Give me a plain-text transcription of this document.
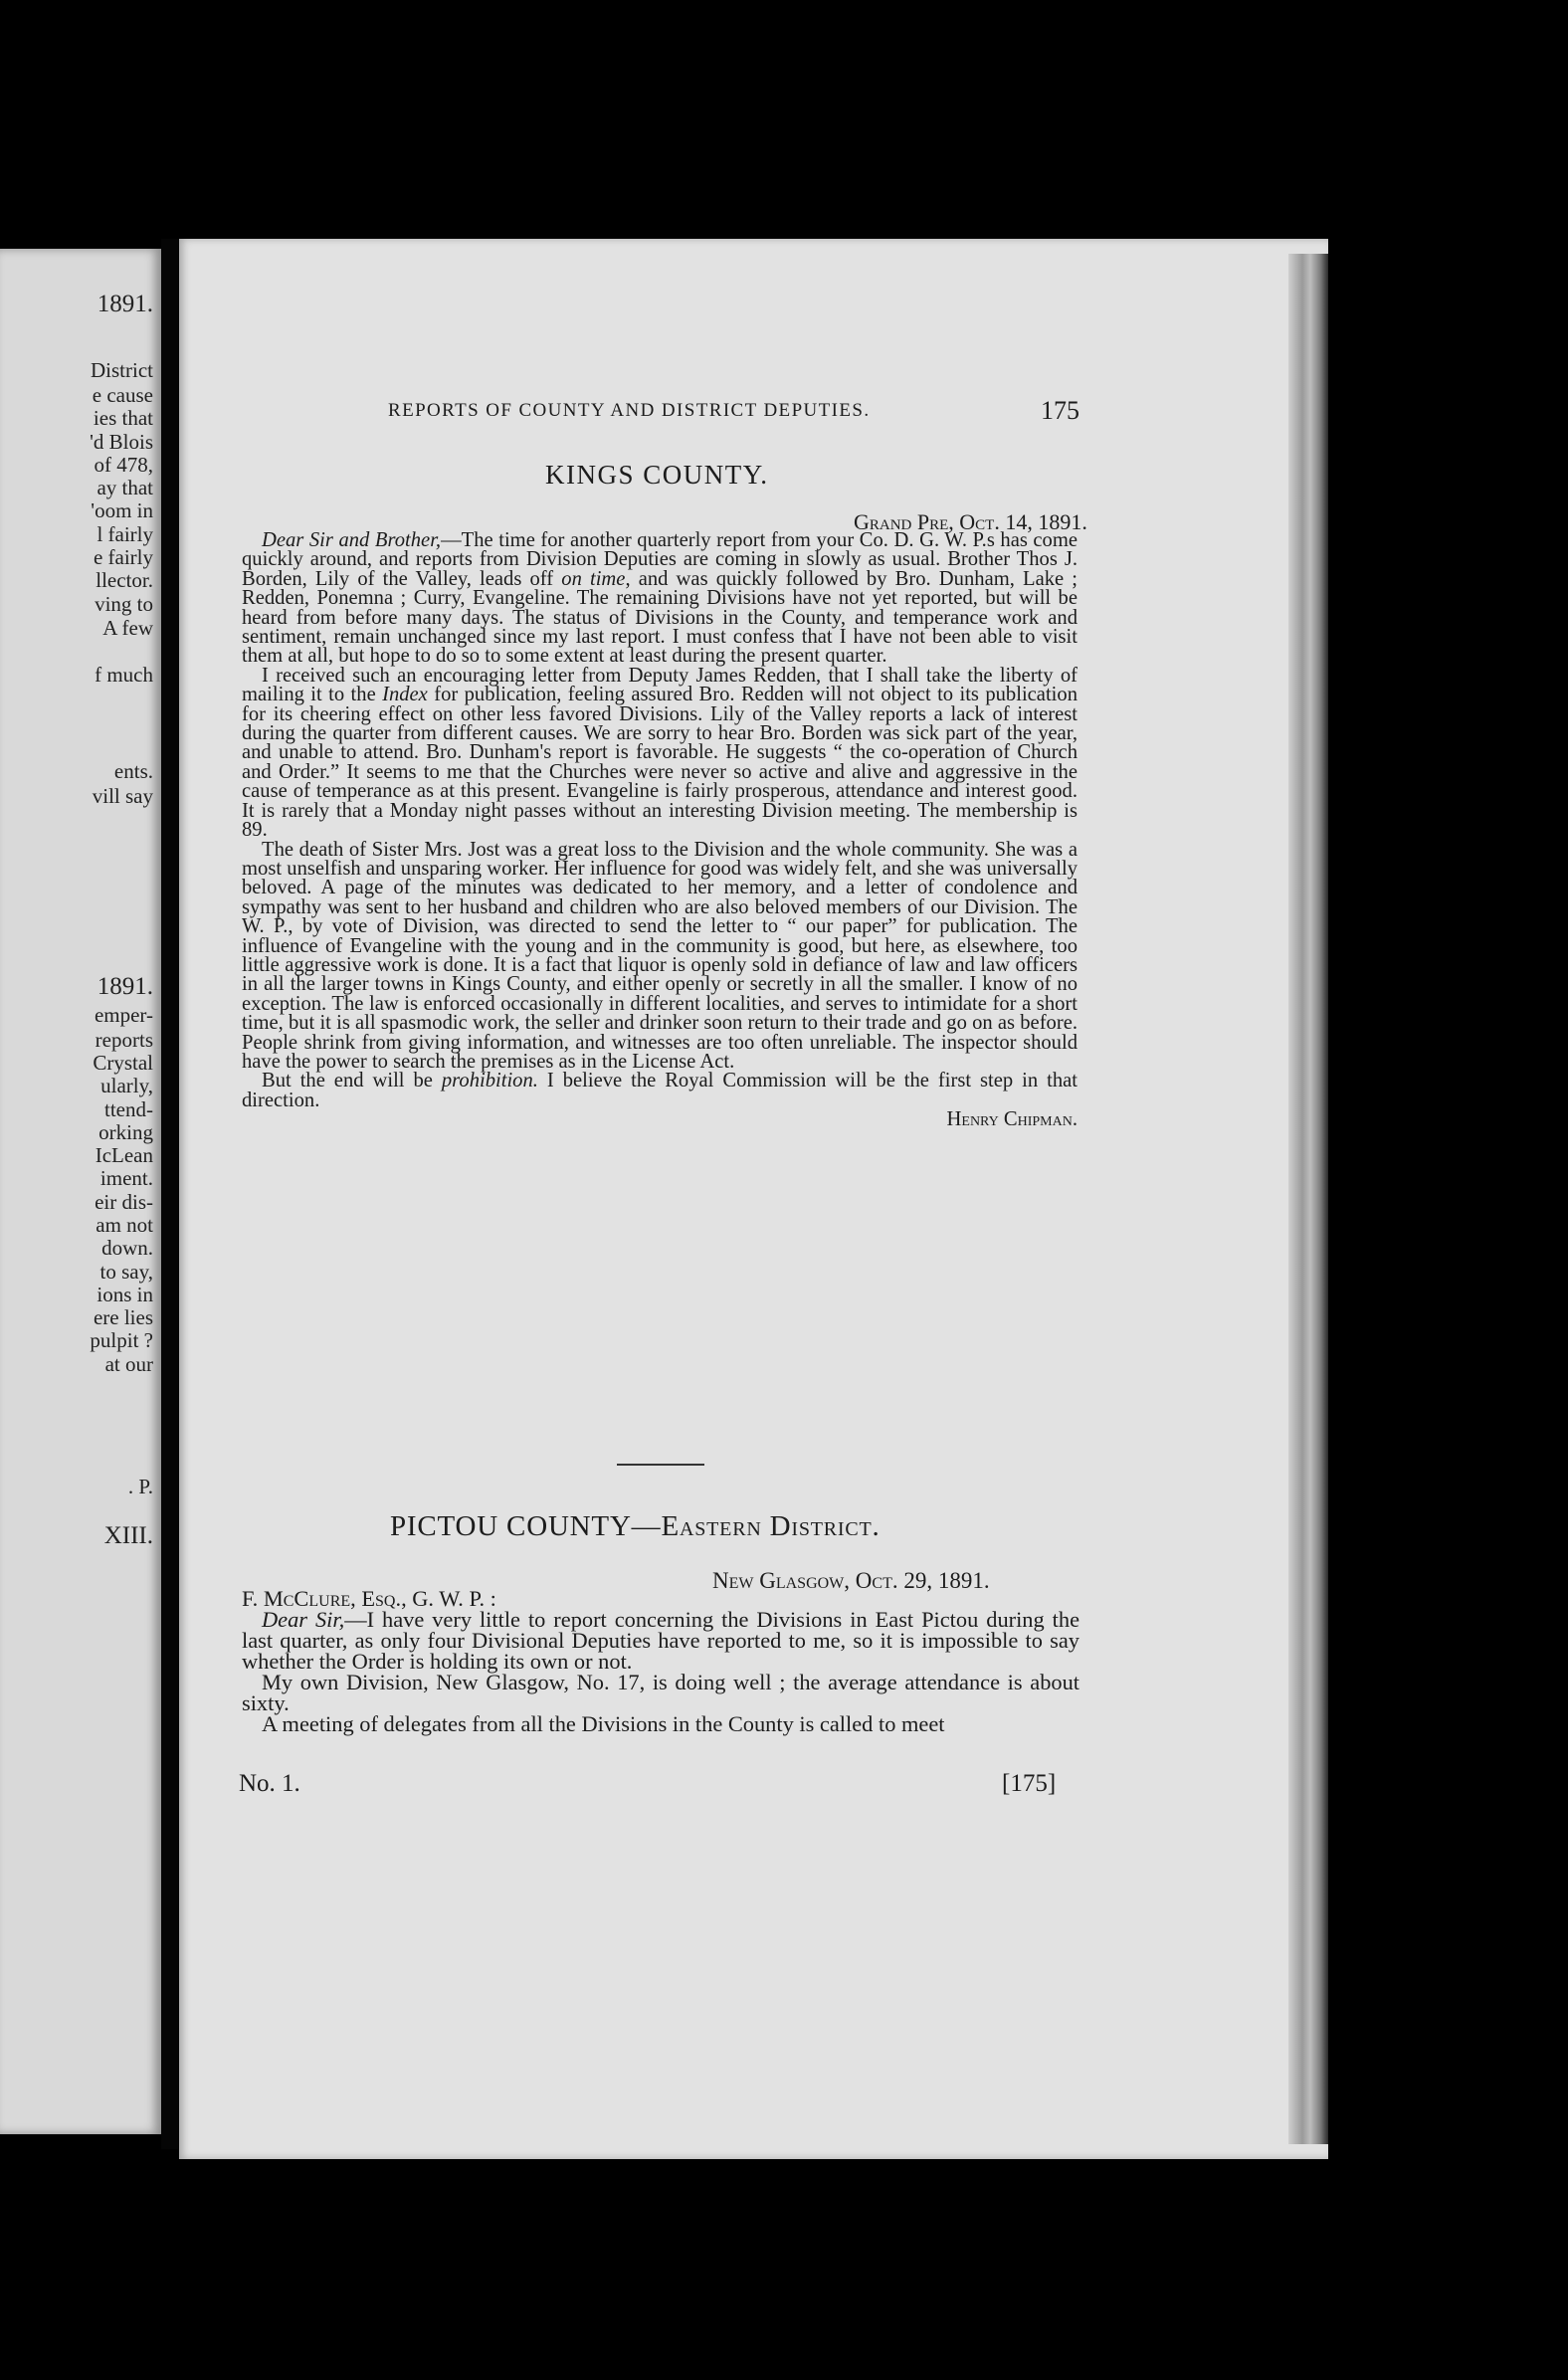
1891.
District
e cause
ies that
'd Blois
of 478,
ay that
'oom in
l fairly
e fairly
llector.
ving to
A few
f much
ents.
vill say
1891.
emper-
reports
Crystal
ularly,
ttend-
orking
IcLean
iment.
eir dis-
am not
down.
to say,
ions in
ere lies
pulpit ?
at our
. P.
XIII.
REPORTS OF COUNTY AND DISTRICT DEPUTIES.	175
KINGS COUNTY.
Grand Pre, Oct. 14, 1891.

Dear Sir and Brother,—The time for another quarterly report from your Co. D. G. W. P.s has come quickly around, and reports from Division Deputies are coming in slowly as usual. Brother Thos J. Borden, Lily of the Valley, leads off on time, and was quickly followed by Bro. Dunham, Lake ; Redden, Ponemna ; Curry, Evangeline. The remaining Divisions have not yet reported, but will be heard from before many days. The status of Divisions in the County, and temperance work and sentiment, remain unchanged since my last report. I must confess that I have not been able to visit them at all, but hope to do so to some extent at least during the present quarter.

I received such an encouraging letter from Deputy James Redden, that I shall take the liberty of mailing it to the Index for publication, feeling assured Bro. Redden will not object to its publication for its cheering effect on other less favored Divisions. Lily of the Valley reports a lack of interest during the quarter from different causes. We are sorry to hear Bro. Borden was sick part of the year, and unable to attend. Bro. Dunham's report is favorable. He suggests “ the co-operation of Church and Order.” It seems to me that the Churches were never so active and alive and aggressive in the cause of temperance as at this present. Evangeline is fairly prosperous, attendance and interest good. It is rarely that a Monday night passes without an interesting Division meeting. The membership is 89.

The death of Sister Mrs. Jost was a great loss to the Division and the whole community. She was a most unselfish and unsparing worker. Her influence for good was widely felt, and she was universally beloved. A page of the minutes was dedicated to her memory, and a letter of condolence and sympathy was sent to her husband and children who are also beloved members of our Division. The W. P., by vote of Division, was directed to send the letter to “ our paper” for publication. The influence of Evangeline with the young and in the community is good, but here, as elsewhere, too little aggressive work is done. It is a fact that liquor is openly sold in defiance of law and law officers in all the larger towns in Kings County, and either openly or secretly in all the smaller. I know of no exception. The law is enforced occasionally in different localities, and serves to intimidate for a short time, but it is all spasmodic work, the seller and drinker soon return to their trade and go on as before. People shrink from giving information, and witnesses are too often unreliable. The inspector should have the power to search the premises as in the License Act.

But the end will be prohibition. I believe the Royal Commission will be the first step in that direction.

Henry Chipman.
PICTOU COUNTY—Eastern District.
New Glasgow, Oct. 29, 1891.

F. McClure, Esq., G. W. P. :

Dear Sir,—I have very little to report concerning the Divisions in East Pictou during the last quarter, as only four Divisional Deputies have reported to me, so it is impossible to say whether the Order is holding its own or not.

My own Division, New Glasgow, No. 17, is doing well ; the average attendance is about sixty.

A meeting of delegates from all the Divisions in the County is called to meet

No. 1.	[175]
